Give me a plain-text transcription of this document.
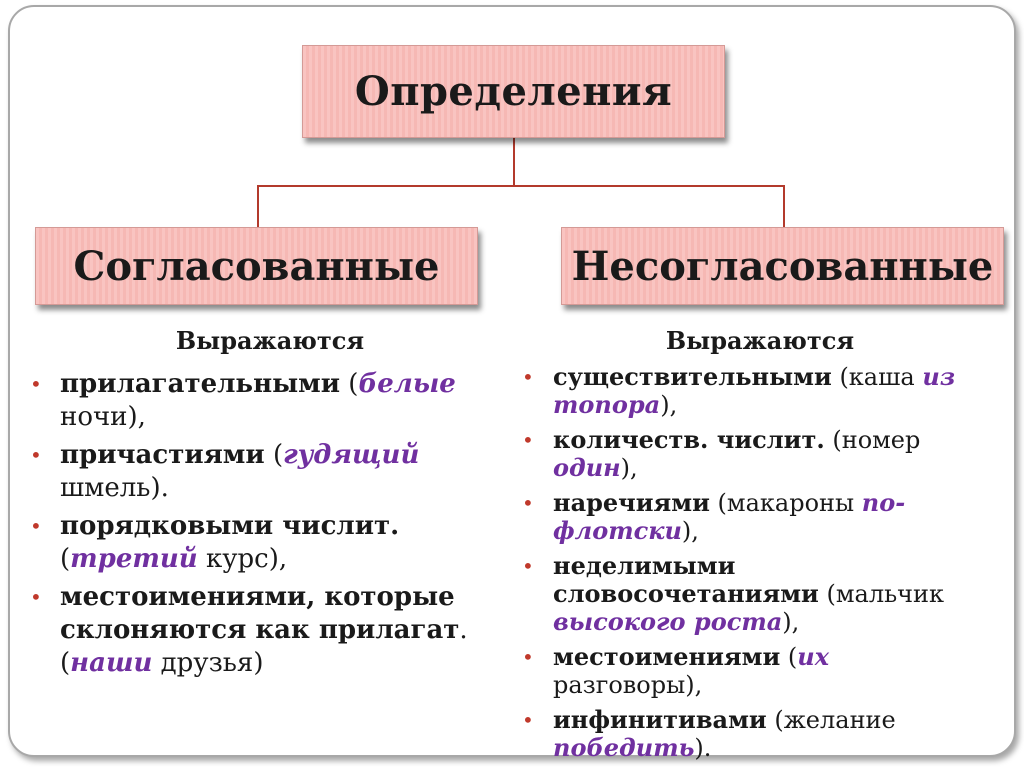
Определения
Согласованные	Несогласованные
Выражаются	Выражаются
• прилагательными (белые ночи),
• причастиями (гудящий шмель).
• порядковыми числит. (третий курс),
• местоимениями, которые склоняются как прилагат. (наши друзья)
• существительными (каша из топора),
• количеств. числит. (номер один),
• наречиями (макароны по-флотски),
• неделимыми словосочетаниями (мальчик высокого роста),
• местоимениями (их разговоры),
• инфинитивами (желание победить).
